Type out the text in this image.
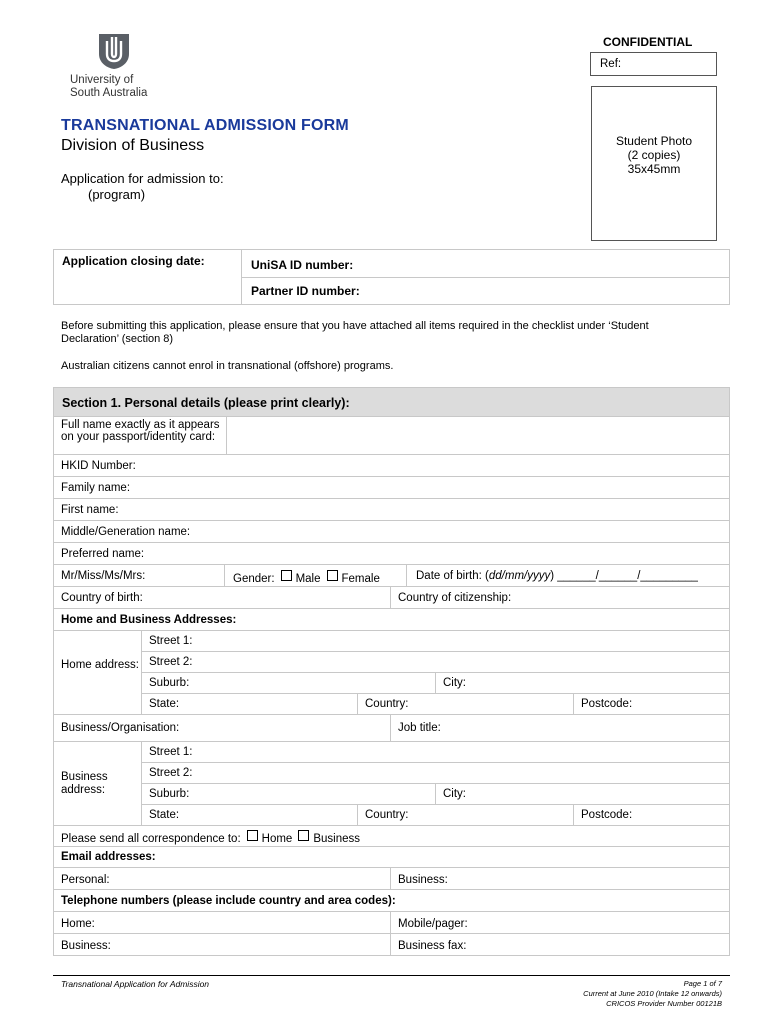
University of
South Australia
CONFIDENTIAL
Ref:
Student Photo
(2 copies)
35x45mm
TRANSNATIONAL ADMISSION FORM
Division of Business
Application for admission to:
(program)
Application closing date:	UniSA ID number:
Partner ID number:
Before submitting this application, please ensure that you have attached all items required in the checklist under ‘Student Declaration’ (section 8)
Australian citizens cannot enrol in transnational (offshore) programs.
Section 1. Personal details (please print clearly):
Full name exactly as it appears on your passport/identity card:
HKID Number:
Family name:
First name:
Middle/Generation name:
Preferred name:
Mr/Miss/Ms/Mrs:	Gender: Male Female	Date of birth: (dd/mm/yyyy) ______/______/_________
Country of birth:	Country of citizenship:
Home and Business Addresses:
Home address:
Street 1:
Street 2:
Suburb:	City:
State:	Country:	Postcode:
Business/Organisation:	Job title:
Business address:
Street 1:
Street 2:
Suburb:	City:
State:	Country:	Postcode:
Please send all correspondence to: Home Business
Email addresses:
Personal:	Business:
Telephone numbers (please include country and area codes):
Home:	Mobile/pager:
Business:	Business fax:
Transnational Application for Admission	Page 1 of 7
Current at June 2010 (Intake 12 onwards)
CRICOS Provider Number 00121B
